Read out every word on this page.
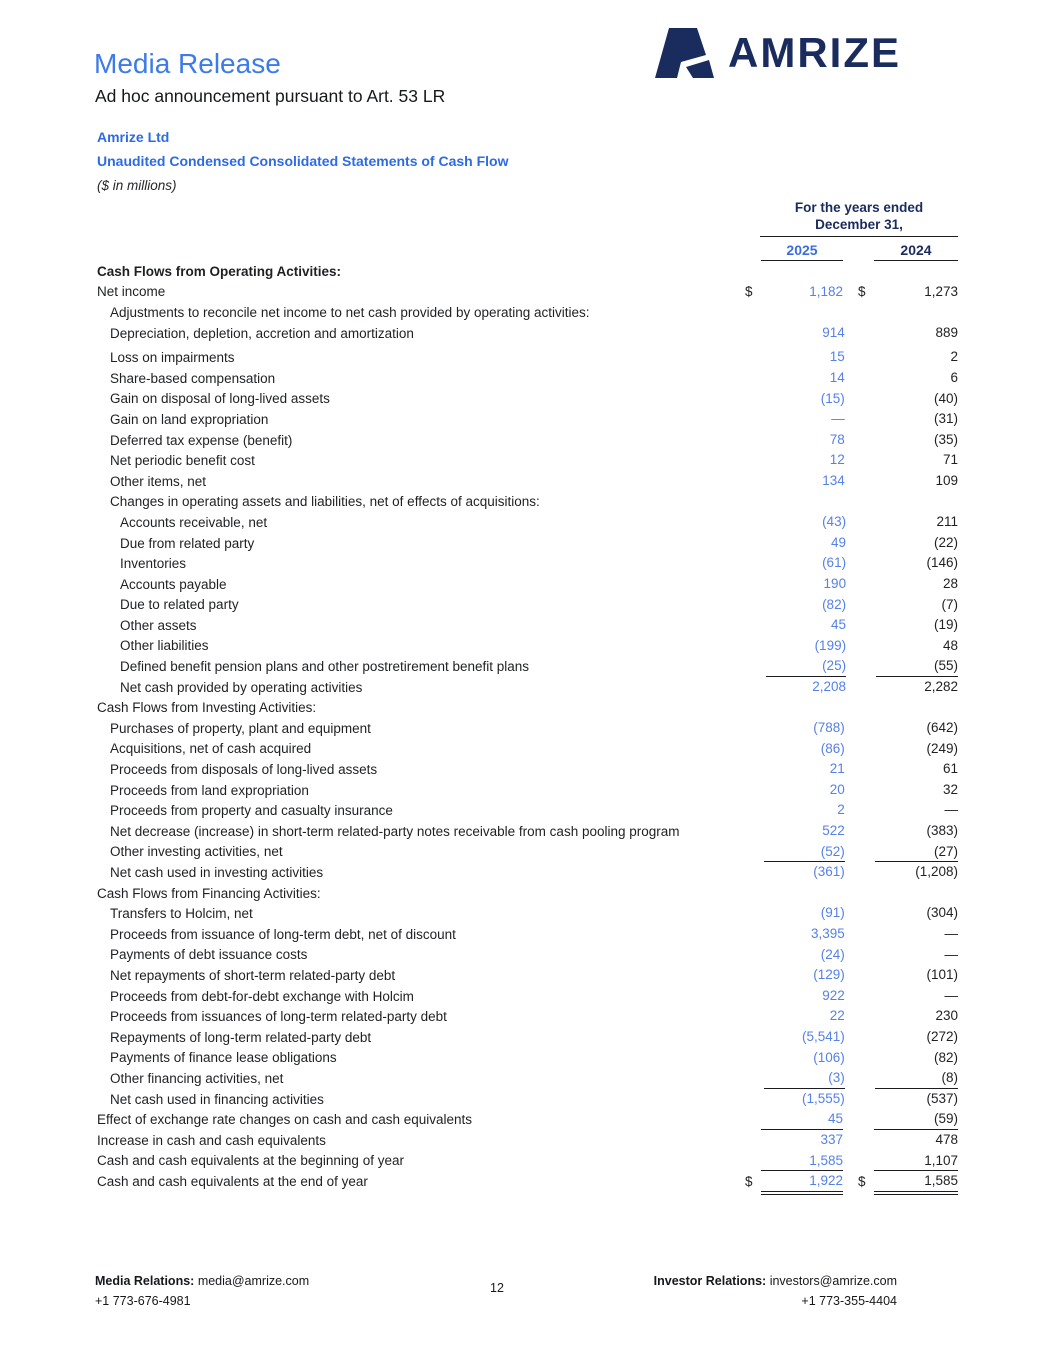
Media Release
Ad hoc announcement pursuant to Art. 53 LR
AMRIZE
Amrize Ltd
Unaudited Condensed Consolidated Statements of Cash Flow
($ in millions)
For the years ended
December 31,
2025	2024
Cash Flows from Operating Activities:
Net income	$	1,182 $	1,273
Adjustments to reconcile net income to net cash provided by operating activities:
Depreciation, depletion, accretion and amortization	914	889
Loss on impairments	15	2
Share-based compensation	14	6
Gain on disposal of long-lived assets	(15)	(40)
Gain on land expropriation	—	(31)
Deferred tax expense (benefit)	78	(35)
Net periodic benefit cost	12	71
Other items, net	134	109
Changes in operating assets and liabilities, net of effects of acquisitions:
Accounts receivable, net	(43)	211
Due from related party	49	(22)
Inventories	(61)	(146)
Accounts payable	190	28
Due to related party	(82)	(7)
Other assets	45	(19)
Other liabilities	(199)	48
Defined benefit pension plans and other postretirement benefit plans	(25)	(55)
Net cash provided by operating activities	2,208	2,282
Cash Flows from Investing Activities:
Purchases of property, plant and equipment	(788)	(642)
Acquisitions, net of cash acquired	(86)	(249)
Proceeds from disposals of long-lived assets	21	61
Proceeds from land expropriation	20	32
Proceeds from property and casualty insurance	2	—
Net decrease (increase) in short-term related-party notes receivable from cash pooling program	522	(383)
Other investing activities, net	(52)	(27)
Net cash used in investing activities	(361)	(1,208)
Cash Flows from Financing Activities:
Transfers to Holcim, net	(91)	(304)
Proceeds from issuance of long-term debt, net of discount	3,395	—
Payments of debt issuance costs	(24)	—
Net repayments of short-term related-party debt	(129)	(101)
Proceeds from debt-for-debt exchange with Holcim	922	—
Proceeds from issuances of long-term related-party debt	22	230
Repayments of long-term related-party debt	(5,541)	(272)
Payments of finance lease obligations	(106)	(82)
Other financing activities, net	(3)	(8)
Net cash used in financing activities	(1,555)	(537)
Effect of exchange rate changes on cash and cash equivalents	45	(59)
Increase in cash and cash equivalents	337	478
Cash and cash equivalents at the beginning of year	1,585	1,107
Cash and cash equivalents at the end of year	$	1,922 $	1,585
Media Relations: media@amrize.com
+1 773-676-4981
12	Investor Relations: investors@amrize.com
+1 773-355-4404
